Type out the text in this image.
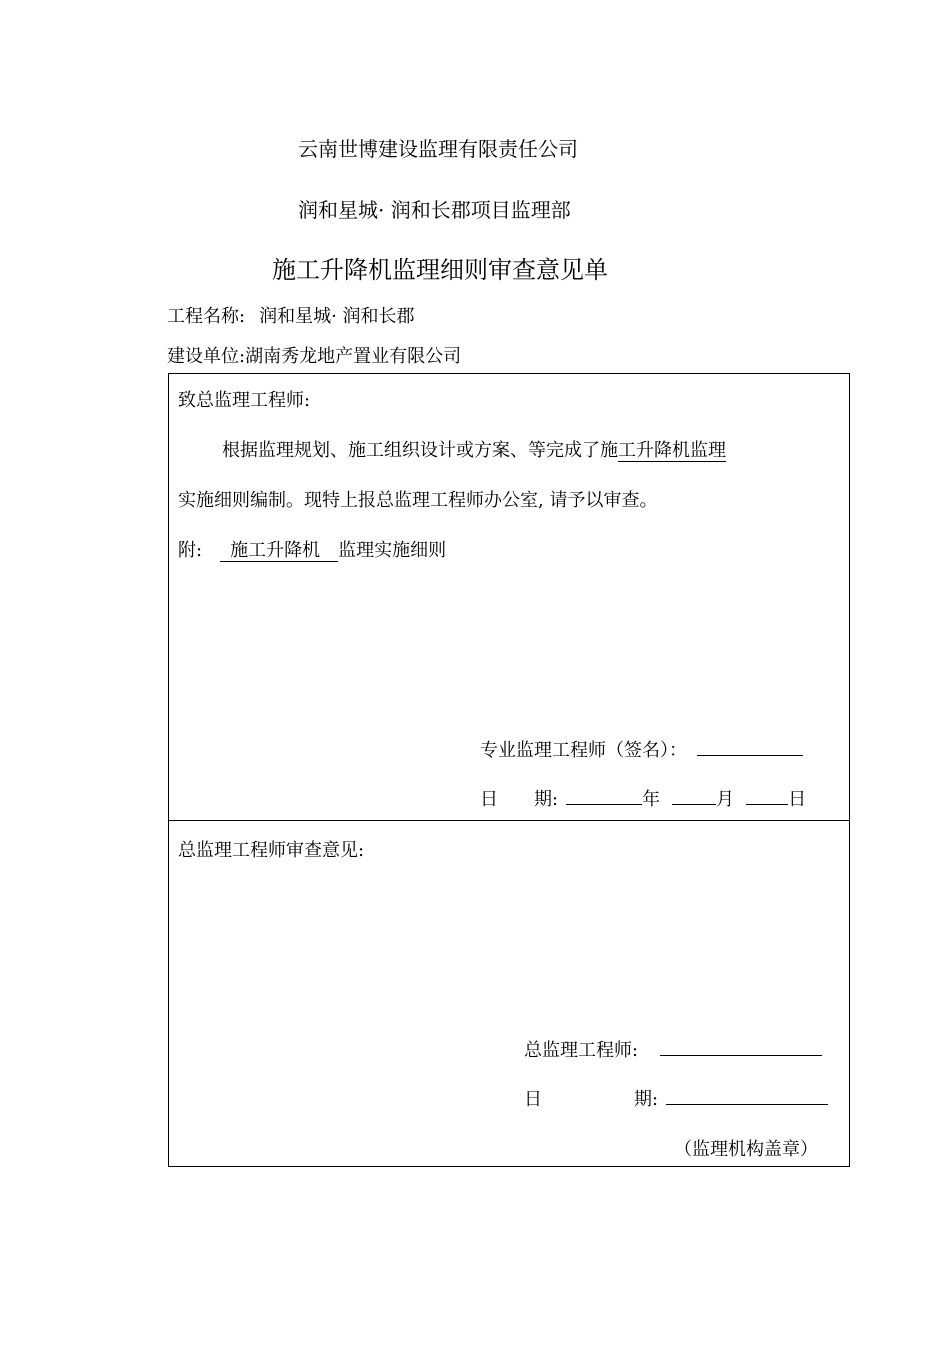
云南世博建设监理有限责任公司
润和星城· 润和长郡项目监理部
施工升降机监理细则审查意见单
工程名称: 润和星城· 润和长郡
建设单位:湖南秀龙地产置业有限公司
致总监理工程师:
根据监理规划、施工组织设计或方案、等完成了施工升降机监理
实施细则编制。现特上报总监理工程师办公室, 请予以审查。
附: 施工升降机 监理实施细则
专业监理工程师（签名）：
日 期:	年	月	日
总监理工程师审查意见:
总监理工程师:
日	期:
（监理机构盖章）
